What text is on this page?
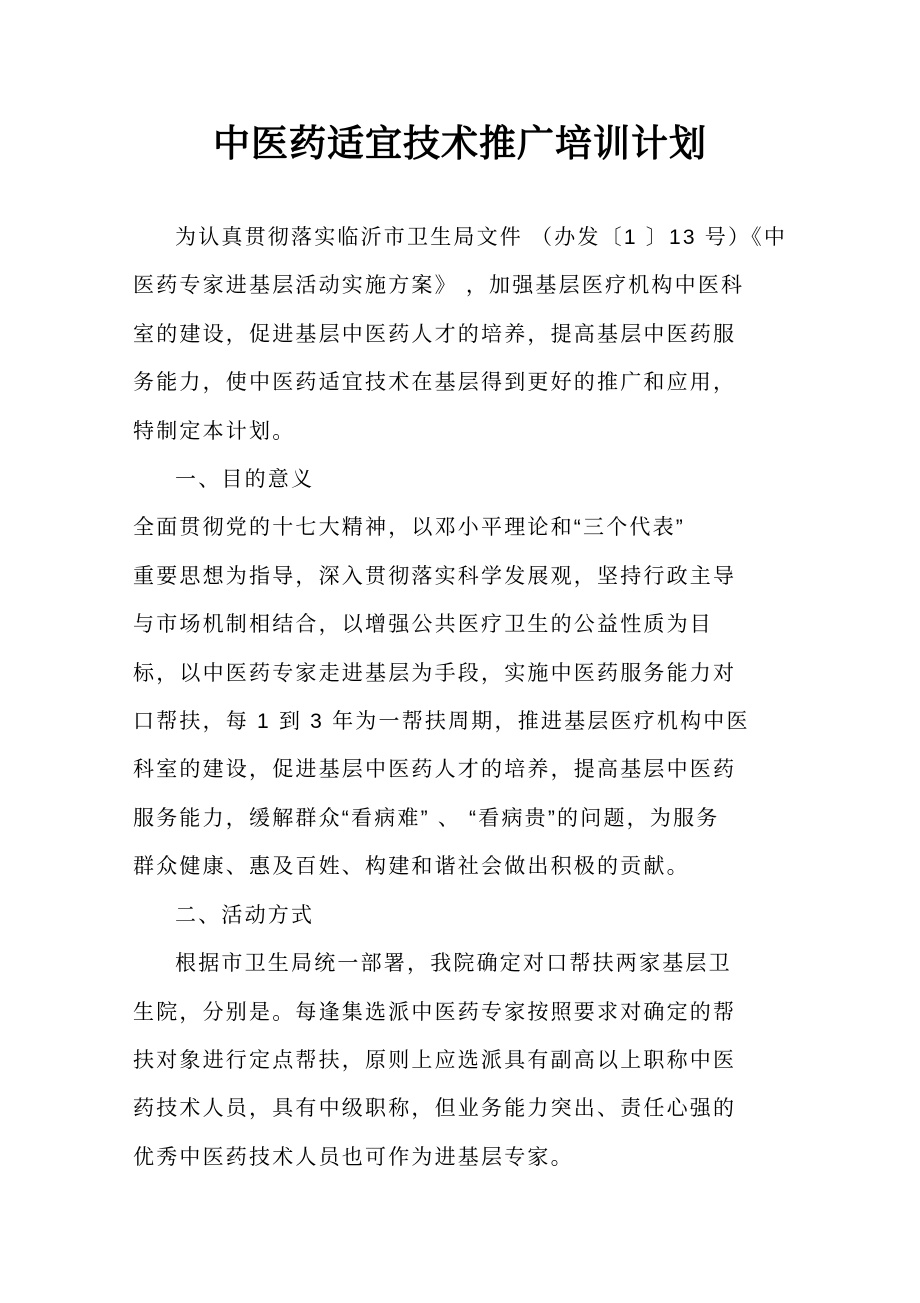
中医药适宜技术推广培训计划
为认真贯彻落实临沂市卫生局文件 （办发〔1 〕13 号）《中
医药专家进基层活动实施方案》 ，加强基层医疗机构中医科
室的建设，促进基层中医药人才的培养，提高基层中医药服
务能力，使中医药适宜技术在基层得到更好的推广和应用，
特制定本计划。
一、目的意义
全面贯彻党的十七大精神，以邓小平理论和“三个代表”
重要思想为指导，深入贯彻落实科学发展观，坚持行政主导
与市场机制相结合，以增强公共医疗卫生的公益性质为目
标，以中医药专家走进基层为手段，实施中医药服务能力对
口帮扶，每 1 到 3 年为一帮扶周期，推进基层医疗机构中医
科室的建设，促进基层中医药人才的培养，提高基层中医药
服务能力，缓解群众“看病难” 、 “看病贵”的问题，为服务
群众健康、惠及百姓、构建和谐社会做出积极的贡献。
二、活动方式
根据市卫生局统一部署，我院确定对口帮扶两家基层卫
生院，分别是。每逢集选派中医药专家按照要求对确定的帮
扶对象进行定点帮扶，原则上应选派具有副高以上职称中医
药技术人员，具有中级职称，但业务能力突出、责任心强的
优秀中医药技术人员也可作为进基层专家。
